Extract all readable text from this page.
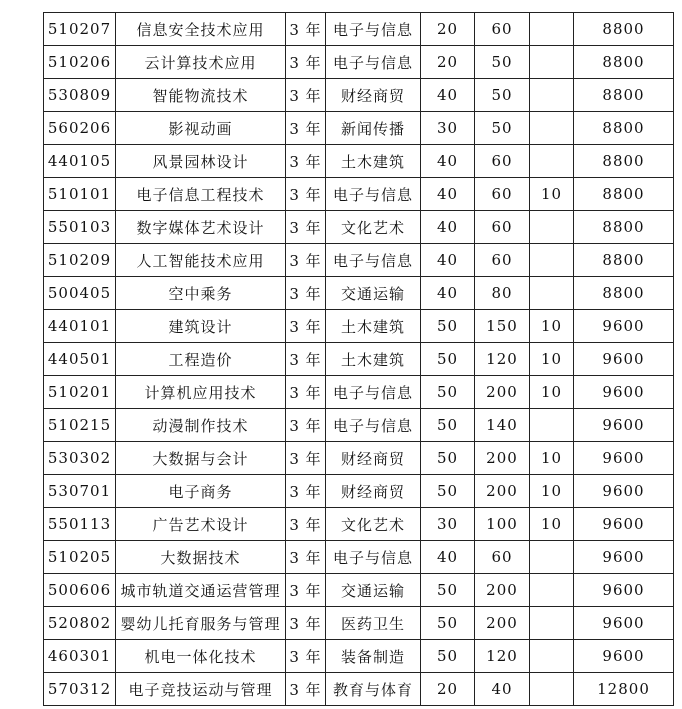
510207	信息安全技术应用	3 年	电子与信息	20	60		8800
510206	云计算技术应用	3 年	电子与信息	20	50		8800
530809	智能物流技术	3 年	财经商贸	40	50		8800
560206	影视动画	3 年	新闻传播	30	50		8800
440105	风景园林设计	3 年	土木建筑	40	60		8800
510101	电子信息工程技术	3 年	电子与信息	40	60	10	8800
550103	数字媒体艺术设计	3 年	文化艺术	40	60		8800
510209	人工智能技术应用	3 年	电子与信息	40	60		8800
500405	空中乘务	3 年	交通运输	40	80		8800
440101	建筑设计	3 年	土木建筑	50	150	10	9600
440501	工程造价	3 年	土木建筑	50	120	10	9600
510201	计算机应用技术	3 年	电子与信息	50	200	10	9600
510215	动漫制作技术	3 年	电子与信息	50	140		9600
530302	大数据与会计	3 年	财经商贸	50	200	10	9600
530701	电子商务	3 年	财经商贸	50	200	10	9600
550113	广告艺术设计	3 年	文化艺术	30	100	10	9600
510205	大数据技术	3 年	电子与信息	40	60		9600
500606	城市轨道交通运营管理	3 年	交通运输	50	200		9600
520802	婴幼儿托育服务与管理	3 年	医药卫生	50	200		9600
460301	机电一体化技术	3 年	装备制造	50	120		9600
570312	电子竞技运动与管理	3 年	教育与体育	20	40		12800
